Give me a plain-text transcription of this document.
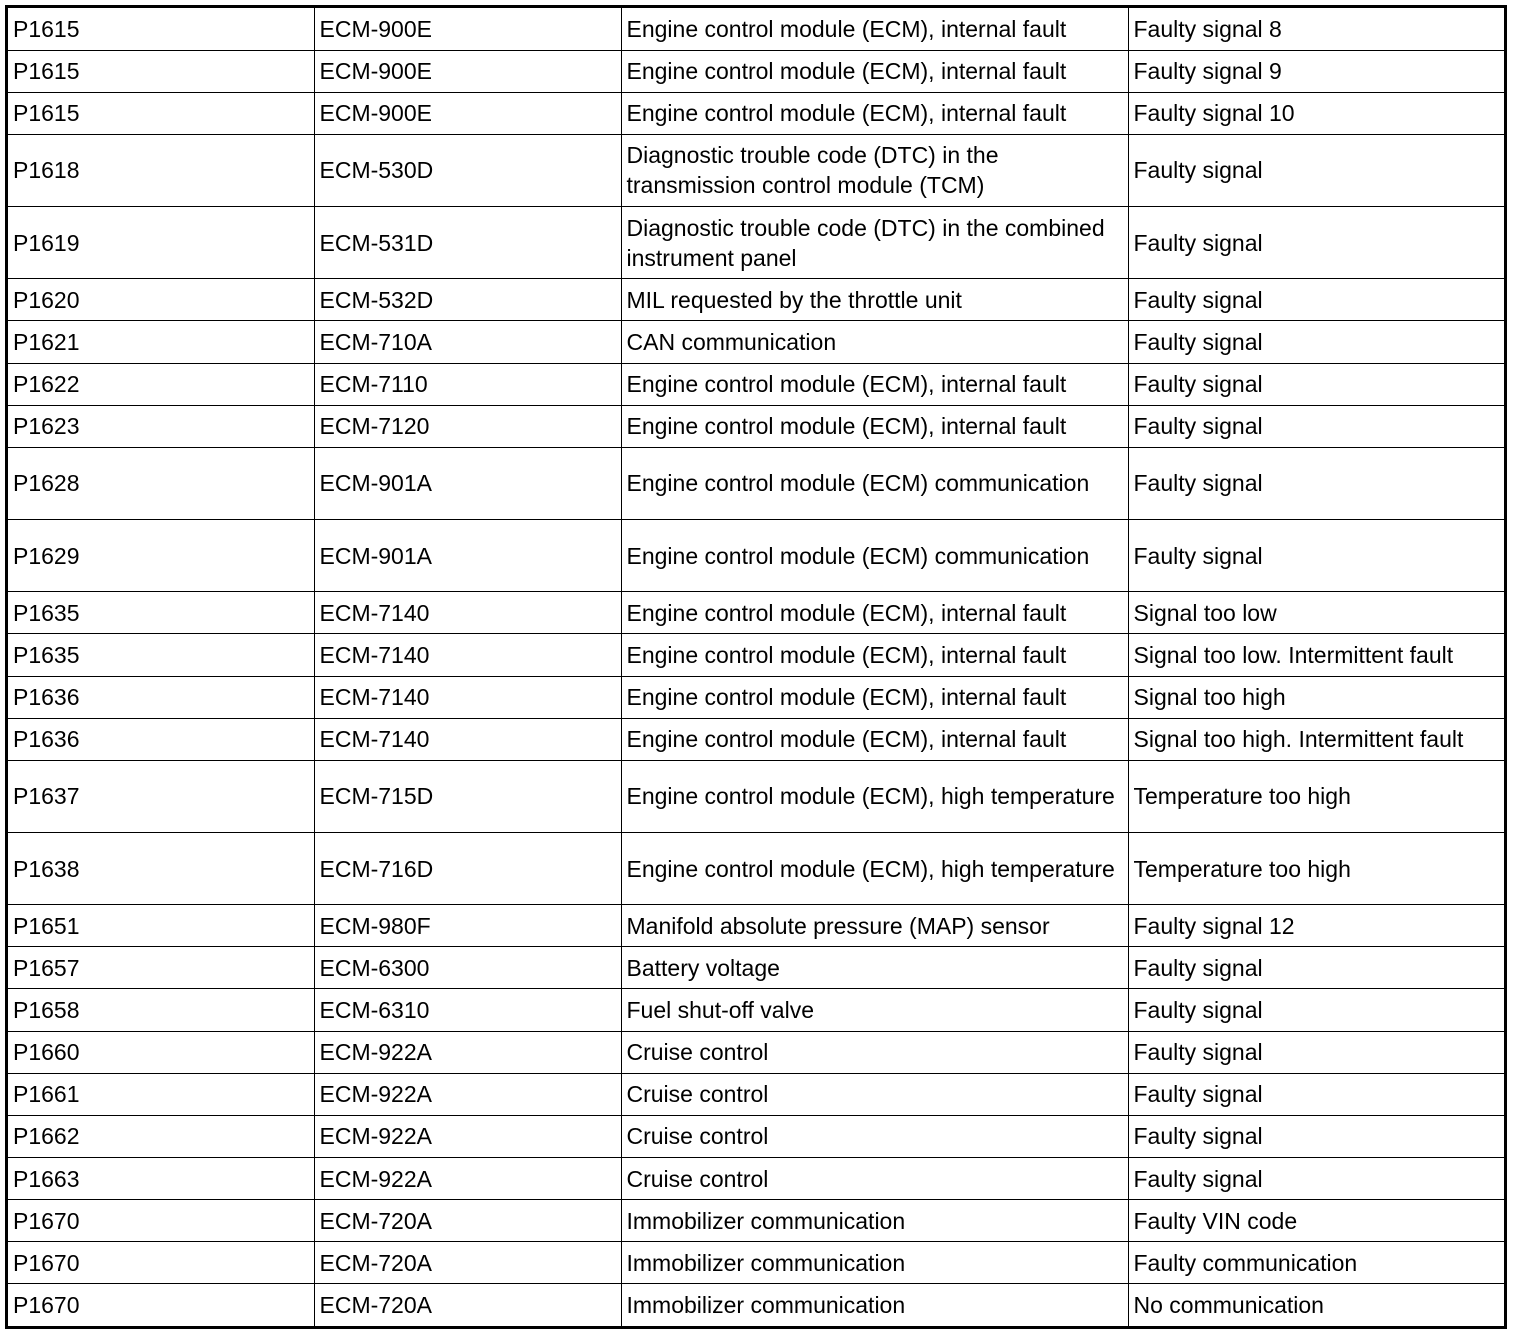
P1615	ECM-900E	Engine control module (ECM), internal fault	Faulty signal 8
P1615	ECM-900E	Engine control module (ECM), internal fault	Faulty signal 9
P1615	ECM-900E	Engine control module (ECM), internal fault	Faulty signal 10
P1618	ECM-530D	Diagnostic trouble code (DTC) in the transmission control module (TCM)	Faulty signal
P1619	ECM-531D	Diagnostic trouble code (DTC) in the combined instrument panel	Faulty signal
P1620	ECM-532D	MIL requested by the throttle unit	Faulty signal
P1621	ECM-710A	CAN communication	Faulty signal
P1622	ECM-7110	Engine control module (ECM), internal fault	Faulty signal
P1623	ECM-7120	Engine control module (ECM), internal fault	Faulty signal
P1628	ECM-901A	Engine control module (ECM) communication	Faulty signal
P1629	ECM-901A	Engine control module (ECM) communication	Faulty signal
P1635	ECM-7140	Engine control module (ECM), internal fault	Signal too low
P1635	ECM-7140	Engine control module (ECM), internal fault	Signal too low. Intermittent fault
P1636	ECM-7140	Engine control module (ECM), internal fault	Signal too high
P1636	ECM-7140	Engine control module (ECM), internal fault	Signal too high. Intermittent fault
P1637	ECM-715D	Engine control module (ECM), high temperature	Temperature too high
P1638	ECM-716D	Engine control module (ECM), high temperature	Temperature too high
P1651	ECM-980F	Manifold absolute pressure (MAP) sensor	Faulty signal 12
P1657	ECM-6300	Battery voltage	Faulty signal
P1658	ECM-6310	Fuel shut-off valve	Faulty signal
P1660	ECM-922A	Cruise control	Faulty signal
P1661	ECM-922A	Cruise control	Faulty signal
P1662	ECM-922A	Cruise control	Faulty signal
P1663	ECM-922A	Cruise control	Faulty signal
P1670	ECM-720A	Immobilizer communication	Faulty VIN code
P1670	ECM-720A	Immobilizer communication	Faulty communication
P1670	ECM-720A	Immobilizer communication	No communication
